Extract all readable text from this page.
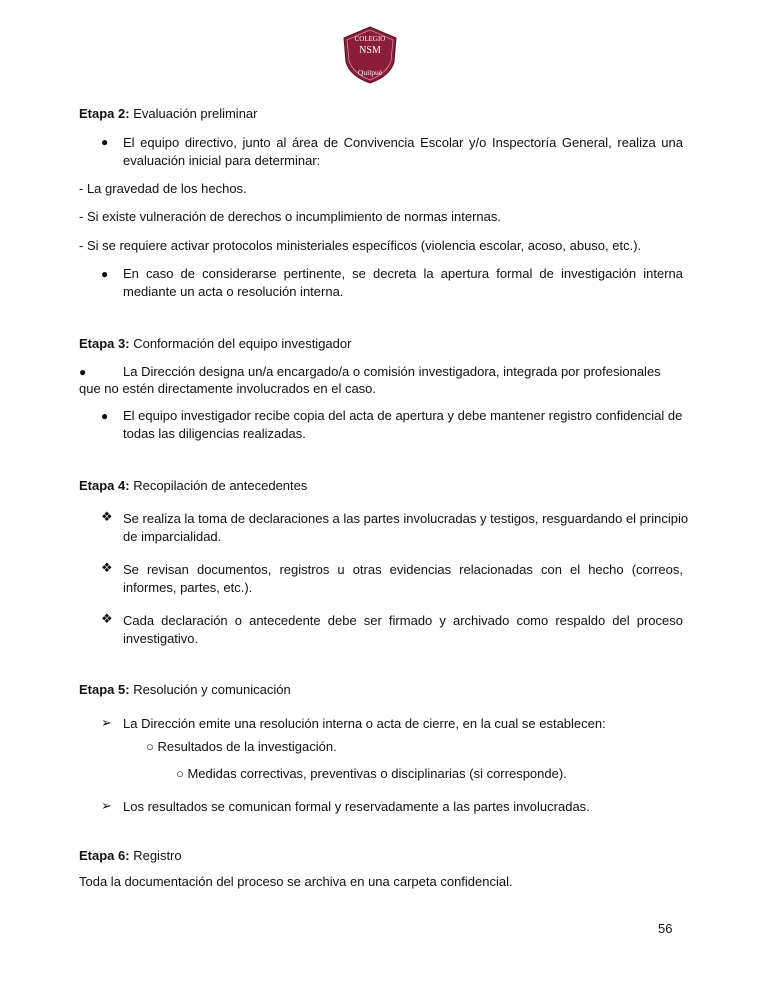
COLEGIO
NSM
Quilpué
Etapa 2: Evaluación preliminar
● El equipo directivo, junto al área de Convivencia Escolar y/o Inspectoría General, realiza una evaluación inicial para determinar:
- La gravedad de los hechos.
- Si existe vulneración de derechos o incumplimiento de normas internas.
- Si se requiere activar protocolos ministeriales específicos (violencia escolar, acoso, abuso, etc.).
● En caso de considerarse pertinente, se decreta la apertura formal de investigación interna mediante un acta o resolución interna.
Etapa 3: Conformación del equipo investigador
●	La Dirección designa un/a encargado/a o comisión investigadora, integrada por profesionales
que no estén directamente involucrados en el caso.
● El equipo investigador recibe copia del acta de apertura y debe mantener registro confidencial de todas las diligencias realizadas.
Etapa 4: Recopilación de antecedentes
❖ Se realiza la toma de declaraciones a las partes involucradas y testigos, resguardando el principio de imparcialidad.
❖ Se revisan documentos, registros u otras evidencias relacionadas con el hecho (correos, informes, partes, etc.).
❖ Cada declaración o antecedente debe ser firmado y archivado como respaldo del proceso investigativo.
Etapa 5: Resolución y comunicación
➢ La Dirección emite una resolución interna o acta de cierre, en la cual se establecen:
○ Resultados de la investigación.
○ Medidas correctivas, preventivas o disciplinarias (si corresponde).
➢ Los resultados se comunican formal y reservadamente a las partes involucradas.
Etapa 6: Registro
Toda la documentación del proceso se archiva en una carpeta confidencial.
56
